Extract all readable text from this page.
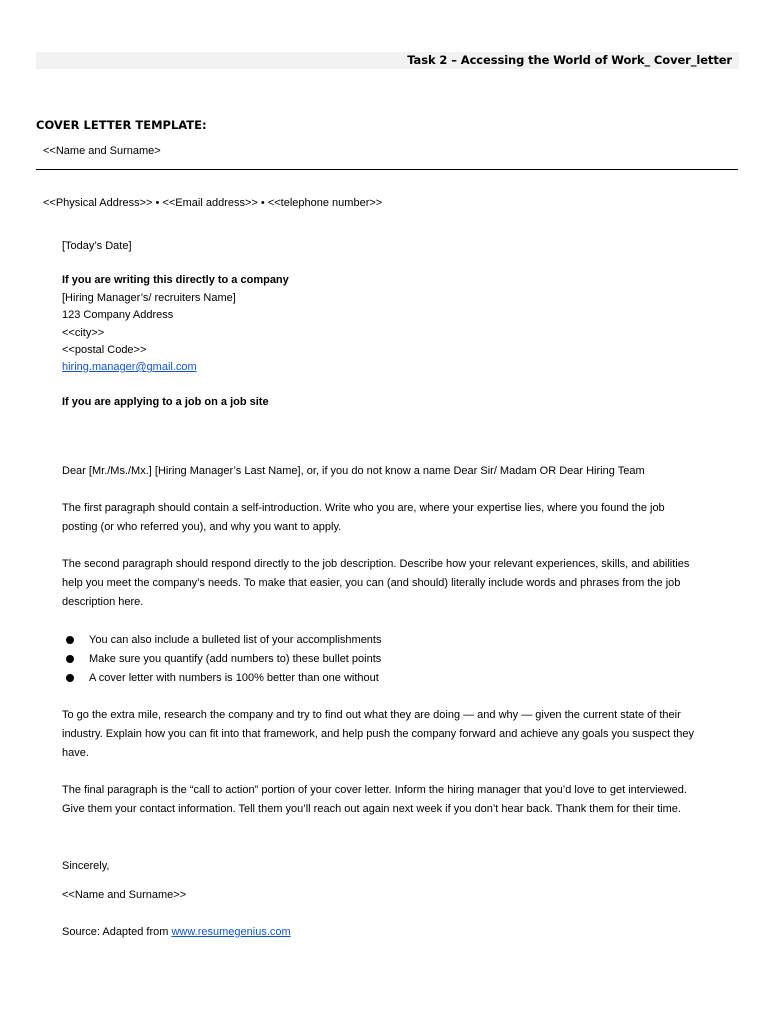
Task 2 – Accessing the World of Work_ Cover_letter
COVER LETTER TEMPLATE:
<<Name and Surname>
<<Physical Address>> • <<Email address>> • <<telephone number>>
[Today’s Date]
If you are writing this directly to a company
[Hiring Manager’s/ recruiters Name]
123 Company Address
<<city>>
<<postal Code>>
hiring.manager@gmail.com
If you are applying to a job on a job site
Dear [Mr./Ms./Mx.] [Hiring Manager’s Last Name], or, if you do not know a name Dear Sir/ Madam OR Dear Hiring Team
The first paragraph should contain a self-introduction. Write who you are, where your expertise lies, where you found the job posting (or who referred you), and why you want to apply.
The second paragraph should respond directly to the job description. Describe how your relevant experiences, skills, and abilities help you meet the company’s needs. To make that easier, you can (and should) literally include words and phrases from the job description here.
You can also include a bulleted list of your accomplishments
Make sure you quantify (add numbers to) these bullet points
A cover letter with numbers is 100% better than one without
To go the extra mile, research the company and try to find out what they are doing — and why — given the current state of their industry. Explain how you can fit into that framework, and help push the company forward and achieve any goals you suspect they have.
The final paragraph is the “call to action” portion of your cover letter. Inform the hiring manager that you’d love to get interviewed. Give them your contact information. Tell them you’ll reach out again next week if you don’t hear back. Thank them for their time.
Sincerely,
<<Name and Surname>>
Source: Adapted from www.resumegenius.com
